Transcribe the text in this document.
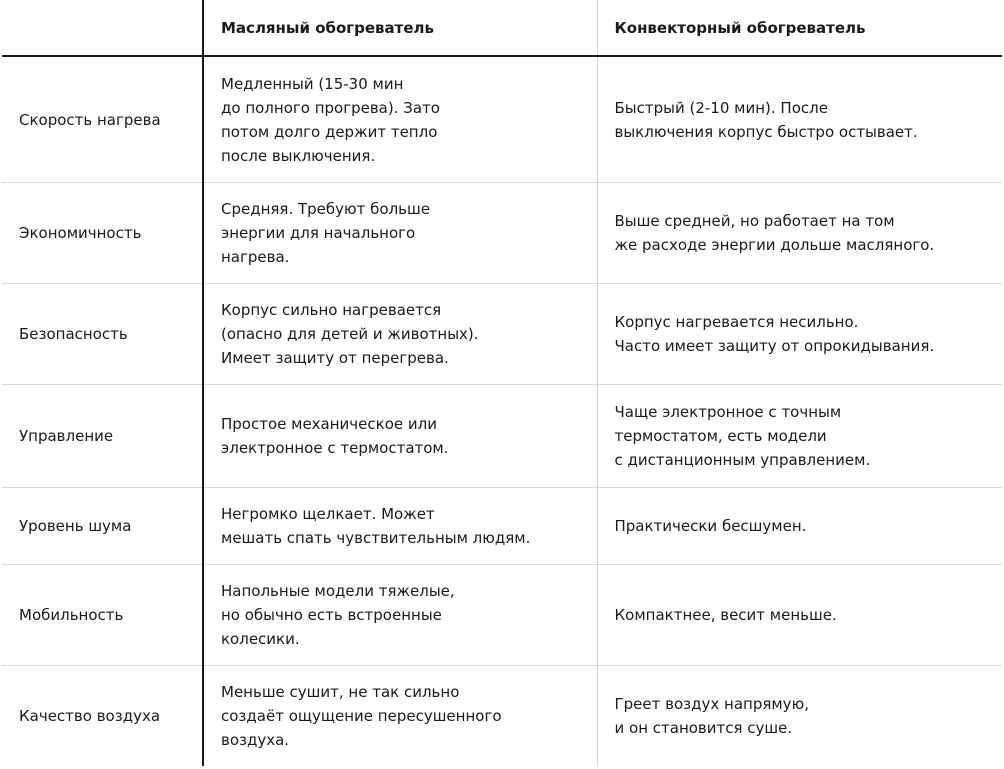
	Масляный обогреватель	Конвекторный обогреватель
Скорость нагрева	Медленный (15-30 мин
до полного прогрева). Зато
потом долго держит тепло
после выключения.	Быстрый (2-10 мин). После
выключения корпус быстро остывает.
Экономичность	Средняя. Требуют больше
энергии для начального
нагрева.	Выше средней, но работает на том
же расходе энергии дольше масляного.
Безопасность	Корпус сильно нагревается
(опасно для детей и животных).
Имеет защиту от перегрева.	Корпус нагревается несильно.
Часто имеет защиту от опрокидывания.
Управление	Простое механическое или
электронное с термостатом.	Чаще электронное с точным
термостатом, есть модели
с дистанционным управлением.
Уровень шума	Негромко щелкает. Может
мешать спать чувствительным людям.	Практически бесшумен.
Мобильность	Напольные модели тяжелые,
но обычно есть встроенные
колесики.	Компактнее, весит меньше.
Качество воздуха	Меньше сушит, не так сильно
создаёт ощущение пересушенного
воздуха.	Греет воздух напрямую,
и он становится суше.
